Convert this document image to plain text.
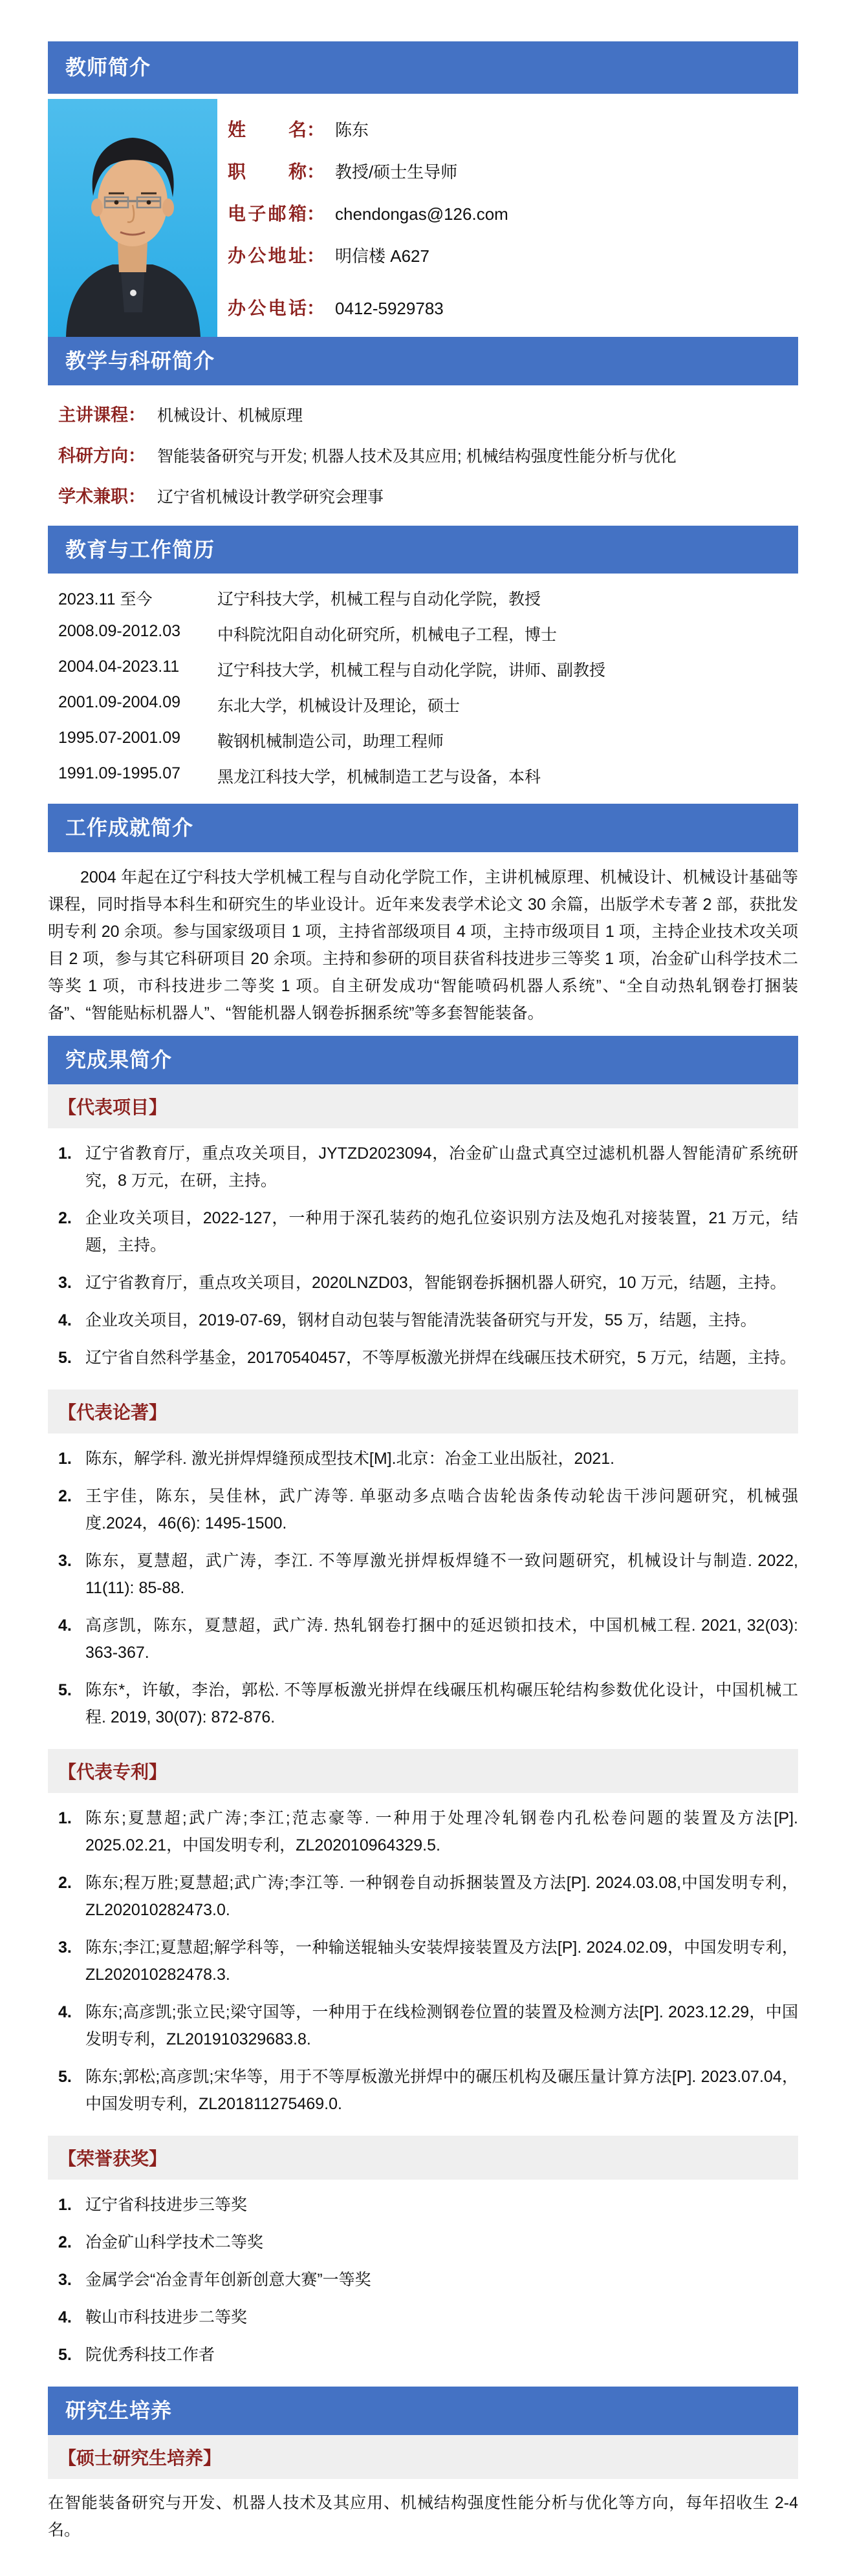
教师简介
姓名 ： 陈东
职称 ： 教授/硕士生导师
电子邮箱 ： chendongas@126.com
办公地址 ： 明信楼 A627
办公电话 ： 0412-5929783
教学与科研简介
主讲课程： 机械设计、机械原理
科研方向： 智能装备研究与开发; 机器人技术及其应用; 机械结构强度性能分析与优化
学术兼职： 辽宁省机械设计教学研究会理事
教育与工作简历
2023.11 至今	辽宁科技大学，机械工程与自动化学院，教授
2008.09-2012.03	中科院沈阳自动化研究所，机械电子工程，博士
2004.04-2023.11	辽宁科技大学，机械工程与自动化学院，讲师、副教授
2001.09-2004.09	东北大学，机械设计及理论，硕士
1995.07-2001.09	鞍钢机械制造公司，助理工程师
1991.09-1995.07	黑龙江科技大学，机械制造工艺与设备，本科
工作成就简介

2004 年起在辽宁科技大学机械工程与自动化学院工作，主讲机械原理、机械设计、机械设计基础等课程，同时指导本科生和研究生的毕业设计。近年来发表学术论文 30 余篇，出版学术专著 2 部，获批发明专利 20 余项。参与国家级项目 1 项，主持省部级项目 4 项，主持市级项目 1 项，主持企业技术攻关项目 2 项，参与其它科研项目 20 余项。主持和参研的项目获省科技进步三等奖 1 项，冶金矿山科学技术二等奖 1 项，市科技进步二等奖 1 项。自主研发成功“智能喷码机器人系统”、“全自动热轧钢卷打捆装备”、“智能贴标机器人”、“智能机器人钢卷拆捆系统”等多套智能装备。

究成果简介
【代表项目】
1. 辽宁省教育厅，重点攻关项目，JYTZD2023094，冶金矿山盘式真空过滤机机器人智能清矿系统研究，8 万元，在研，主持。
2. 企业攻关项目，2022-127，一种用于深孔装药的炮孔位姿识别方法及炮孔对接装置，21 万元，结题，主持。
3. 辽宁省教育厅，重点攻关项目，2020LNZD03，智能钢卷拆捆机器人研究，10 万元，结题，主持。
4. 企业攻关项目，2019-07-69，钢材自动包装与智能清洗装备研究与开发，55 万，结题，主持。
5. 辽宁省自然科学基金，20170540457，不等厚板激光拼焊在线碾压技术研究，5 万元，结题，主持。
【代表论著】
1. 陈东，解学科. 激光拼焊焊缝预成型技术[M].北京：冶金工业出版社，2021.
2. 王宇佳，陈东，吴佳林，武广涛等. 单驱动多点啮合齿轮齿条传动轮齿干涉问题研究，机械强度.2024，46(6): 1495-1500.
3. 陈东，夏慧超，武广涛，李江. 不等厚激光拼焊板焊缝不一致问题研究，机械设计与制造. 2022, 11(11): 85-88.
4. 高彦凯，陈东，夏慧超，武广涛. 热轧钢卷打捆中的延迟锁扣技术，中国机械工程. 2021, 32(03): 363-367.
5. 陈东*，许敏，李治，郭松. 不等厚板激光拼焊在线碾压机构碾压轮结构参数优化设计，中国机械工程. 2019, 30(07): 872-876.
【代表专利】
1. 陈东;夏慧超;武广涛;李江;范志豪等. 一种用于处理冷轧钢卷内孔松卷问题的装置及方法[P]. 2025.02.21，中国发明专利，ZL202010964329.5.
2. 陈东;程万胜;夏慧超;武广涛;李江等. 一种钢卷自动拆捆装置及方法[P]. 2024.03.08,中国发明专利，ZL202010282473.0.
3. 陈东;李江;夏慧超;解学科等，一种输送辊轴头安装焊接装置及方法[P]. 2024.02.09，中国发明专利，ZL202010282478.3.
4. 陈东;高彦凯;张立民;梁守国等，一种用于在线检测钢卷位置的装置及检测方法[P]. 2023.12.29，中国发明专利，ZL201910329683.8.
5. 陈东;郭松;高彦凯;宋华等，用于不等厚板激光拼焊中的碾压机构及碾压量计算方法[P]. 2023.07.04，中国发明专利，ZL201811275469.0.
【荣誉获奖】
1. 辽宁省科技进步三等奖
2. 冶金矿山科学技术二等奖
3. 金属学会“冶金青年创新创意大赛”一等奖
4. 鞍山市科技进步二等奖
5. 院优秀科技工作者
研究生培养
【硕士研究生培养】

在智能装备研究与开发、机器人技术及其应用、机械结构强度性能分析与优化等方向，每年招收生 2-4 名。
